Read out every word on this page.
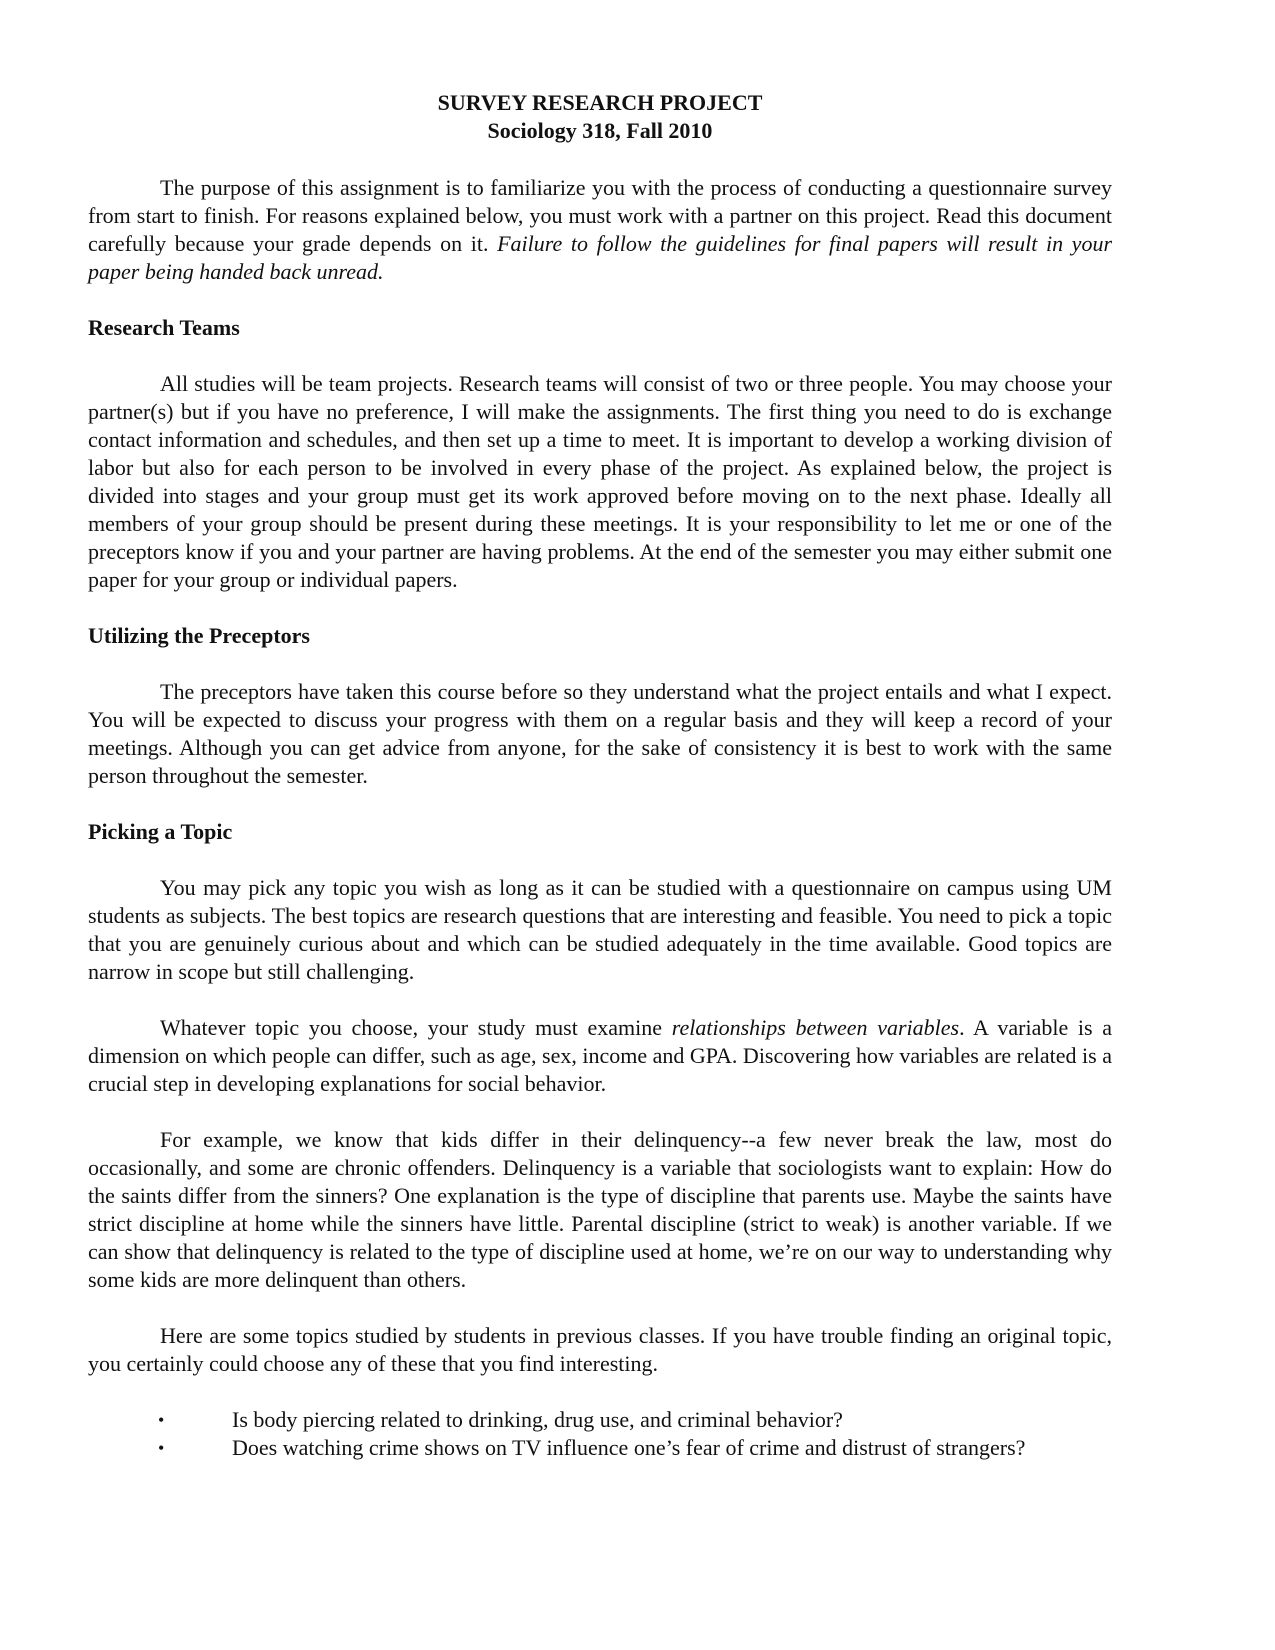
SURVEY RESEARCH PROJECT
Sociology 318, Fall 2010

The purpose of this assignment is to familiarize you with the process of conducting a questionnaire survey from start to finish. For reasons explained below, you must work with a partner on this project. Read this document carefully because your grade depends on it. Failure to follow the guidelines for final papers will result in your paper being handed back unread.

Research Teams

All studies will be team projects. Research teams will consist of two or three people. You may choose your partner(s) but if you have no preference, I will make the assignments. The first thing you need to do is exchange contact information and schedules, and then set up a time to meet. It is important to develop a working division of labor but also for each person to be involved in every phase of the project. As explained below, the project is divided into stages and your group must get its work approved before moving on to the next phase. Ideally all members of your group should be present during these meetings. It is your responsibility to let me or one of the preceptors know if you and your partner are having problems. At the end of the semester you may either submit one paper for your group or individual papers.

Utilizing the Preceptors

The preceptors have taken this course before so they understand what the project entails and what I expect. You will be expected to discuss your progress with them on a regular basis and they will keep a record of your meetings. Although you can get advice from anyone, for the sake of consistency it is best to work with the same person throughout the semester.

Picking a Topic

You may pick any topic you wish as long as it can be studied with a questionnaire on campus using UM students as subjects. The best topics are research questions that are interesting and feasible. You need to pick a topic that you are genuinely curious about and which can be studied adequately in the time available. Good topics are narrow in scope but still challenging.

Whatever topic you choose, your study must examine relationships between variables. A variable is a dimension on which people can differ, such as age, sex, income and GPA. Discovering how variables are related is a crucial step in developing explanations for social behavior.

For example, we know that kids differ in their delinquency--a few never break the law, most do occasionally, and some are chronic offenders. Delinquency is a variable that sociologists want to explain: How do the saints differ from the sinners? One explanation is the type of discipline that parents use. Maybe the saints have strict discipline at home while the sinners have little. Parental discipline (strict to weak) is another variable. If we can show that delinquency is related to the type of discipline used at home, we’re on our way to understanding why some kids are more delinquent than others.

Here are some topics studied by students in previous classes. If you have trouble finding an original topic, you certainly could choose any of these that you find interesting.

•	Is body piercing related to drinking, drug use, and criminal behavior?
•	Does watching crime shows on TV influence one’s fear of crime and distrust of strangers?
